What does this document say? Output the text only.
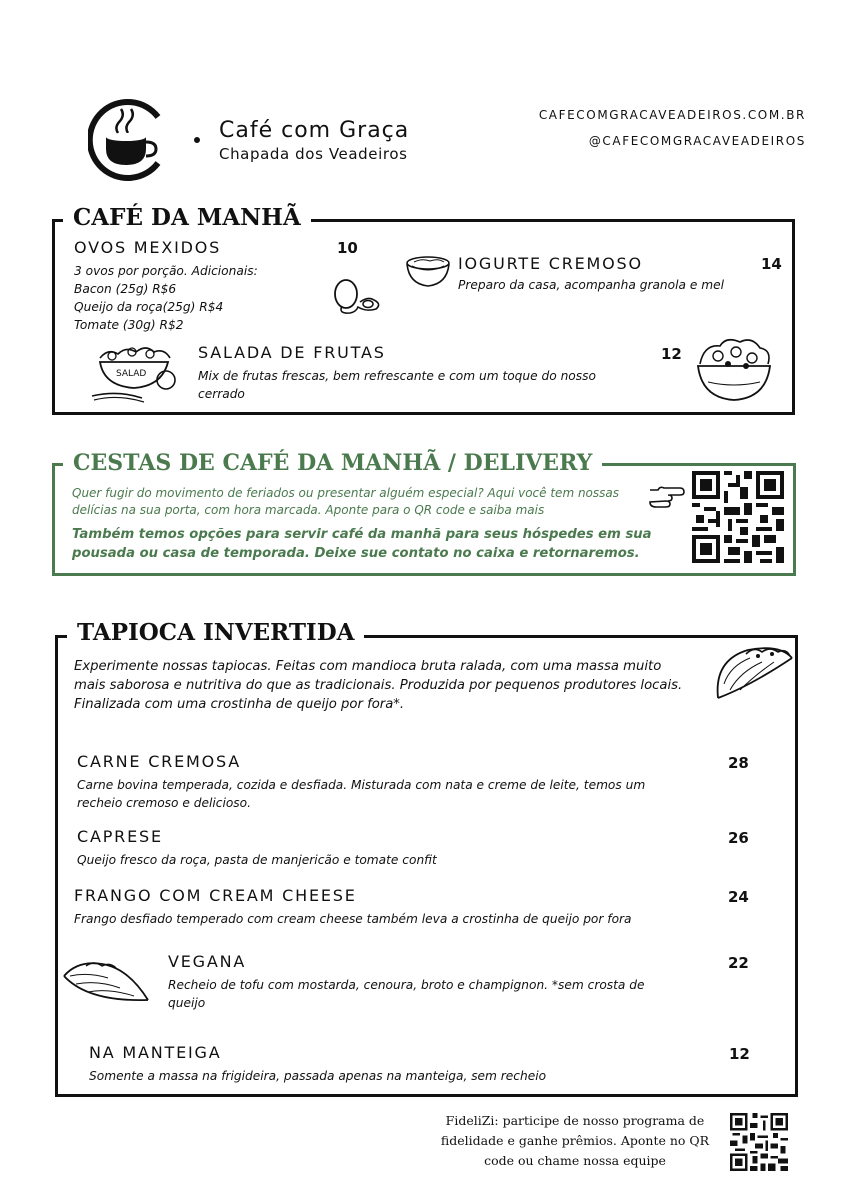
Café com Graça
Chapada dos Veadeiros
CAFECOMGRACAVEADEIROS.COM.BR
@CAFECOMGRACAVEADEIROS
CAFÉ DA MANHÃ
OVOS MEXIDOS	10
3 ovos por porção. Adicionais:
Bacon (25g) R$6
Queijo da roça(25g) R$4
Tomate (30g) R$2
IOGURTE CREMOSO	14
Preparo da casa, acompanha granola e mel
SALAD
SALADA DE FRUTAS	12
Mix de frutas frescas, bem refrescante e com um toque do nosso cerrado
CESTAS DE CAFÉ DA MANHÃ / DELIVERY
Quer fugir do movimento de feriados ou presentar alguém especial? Aqui você tem nossas delícias na sua porta, com hora marcada. Aponte para o QR code e saiba mais
Também temos opções para servir café da manhã para seus hóspedes em sua pousada ou casa de temporada. Deixe sue contato no caixa e retornaremos.
TAPIOCA INVERTIDA
Experimente nossas tapiocas. Feitas com mandioca bruta ralada, com uma massa muito mais saborosa e nutritiva do que as tradicionais. Produzida por pequenos produtores locais. Finalizada com uma crostinha de queijo por fora*.
CARNE CREMOSA	28
Carne bovina temperada, cozida e desfiada. Misturada com nata e creme de leite, temos um recheio cremoso e delicioso.
CAPRESE	26
Queijo fresco da roça, pasta de manjericão e tomate confit
FRANGO COM CREAM CHEESE	24
Frango desfiado temperado com cream cheese também leva a crostinha de queijo por fora
VEGANA	22
Recheio de tofu com mostarda, cenoura, broto e champignon. *sem crosta de queijo
NA MANTEIGA	12
Somente a massa na frigideira, passada apenas na manteiga, sem recheio
FideliZi: participe de nosso programa de
fidelidade e ganhe prêmios. Aponte no QR
code ou chame nossa equipe
